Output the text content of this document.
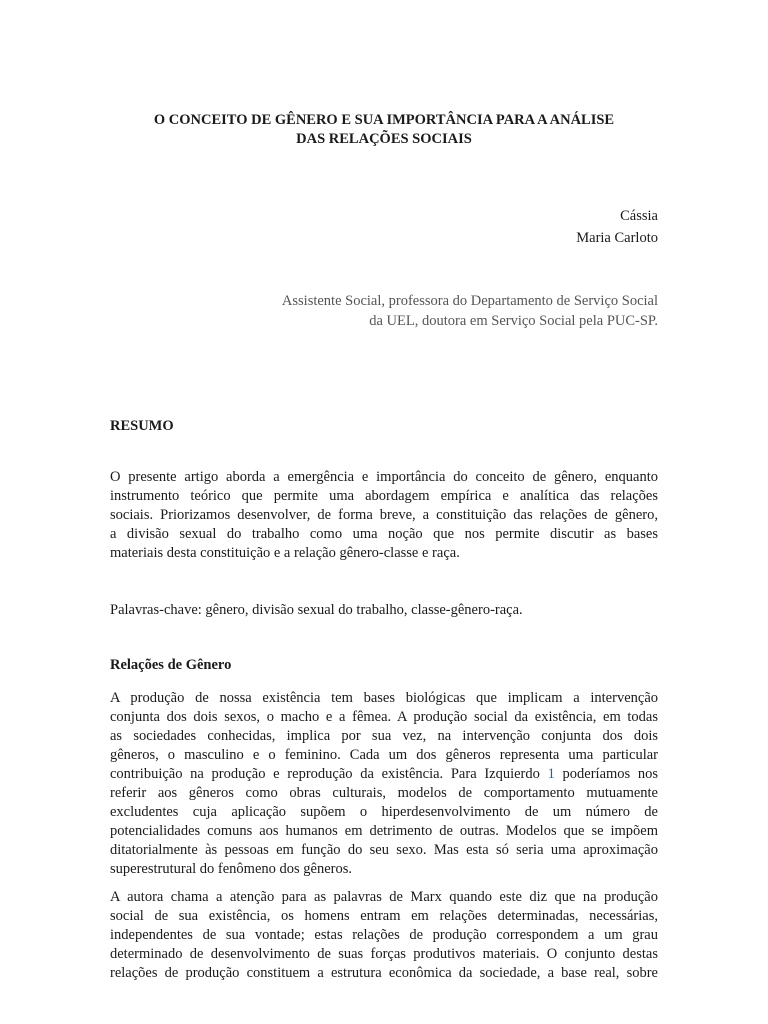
O CONCEITO DE GÊNERO E SUA IMPORTÂNCIA PARA A ANÁLISE
DAS RELAÇÕES SOCIAIS
Cássia
Maria Carloto
Assistente Social, professora do Departamento de Serviço Social
da UEL, doutora em Serviço Social pela PUC-SP.
RESUMO
O presente artigo aborda a emergência e importância do conceito de gênero, enquanto
instrumento teórico que permite uma abordagem empírica e analítica das relações
sociais. Priorizamos desenvolver, de forma breve, a constituição das relações de gênero,
a divisão sexual do trabalho como uma noção que nos permite discutir as bases
materiais desta constituição e a relação gênero-classe e raça.
Palavras-chave: gênero, divisão sexual do trabalho, classe-gênero-raça.
Relações de Gênero
A produção de nossa existência tem bases biológicas que implicam a intervenção
conjunta dos dois sexos, o macho e a fêmea. A produção social da existência, em todas
as sociedades conhecidas, implica por sua vez, na intervenção conjunta dos dois
gêneros, o masculino e o feminino. Cada um dos gêneros representa uma particular
contribuição na produção e reprodução da existência. Para Izquierdo 1 poderíamos nos
referir aos gêneros como obras culturais, modelos de comportamento mutuamente
excludentes cuja aplicação supõem o hiperdesenvolvimento de um número de
potencialidades comuns aos humanos em detrimento de outras. Modelos que se impõem
ditatorialmente às pessoas em função do seu sexo. Mas esta só seria uma aproximação
superestrutural do fenômeno dos gêneros.
A autora chama a atenção para as palavras de Marx quando este diz que na produção
social de sua existência, os homens entram em relações determinadas, necessárias,
independentes de sua vontade; estas relações de produção correspondem a um grau
determinado de desenvolvimento de suas forças produtivos materiais. O conjunto destas
relações de produção constituem a estrutura econômica da sociedade, a base real, sobre
